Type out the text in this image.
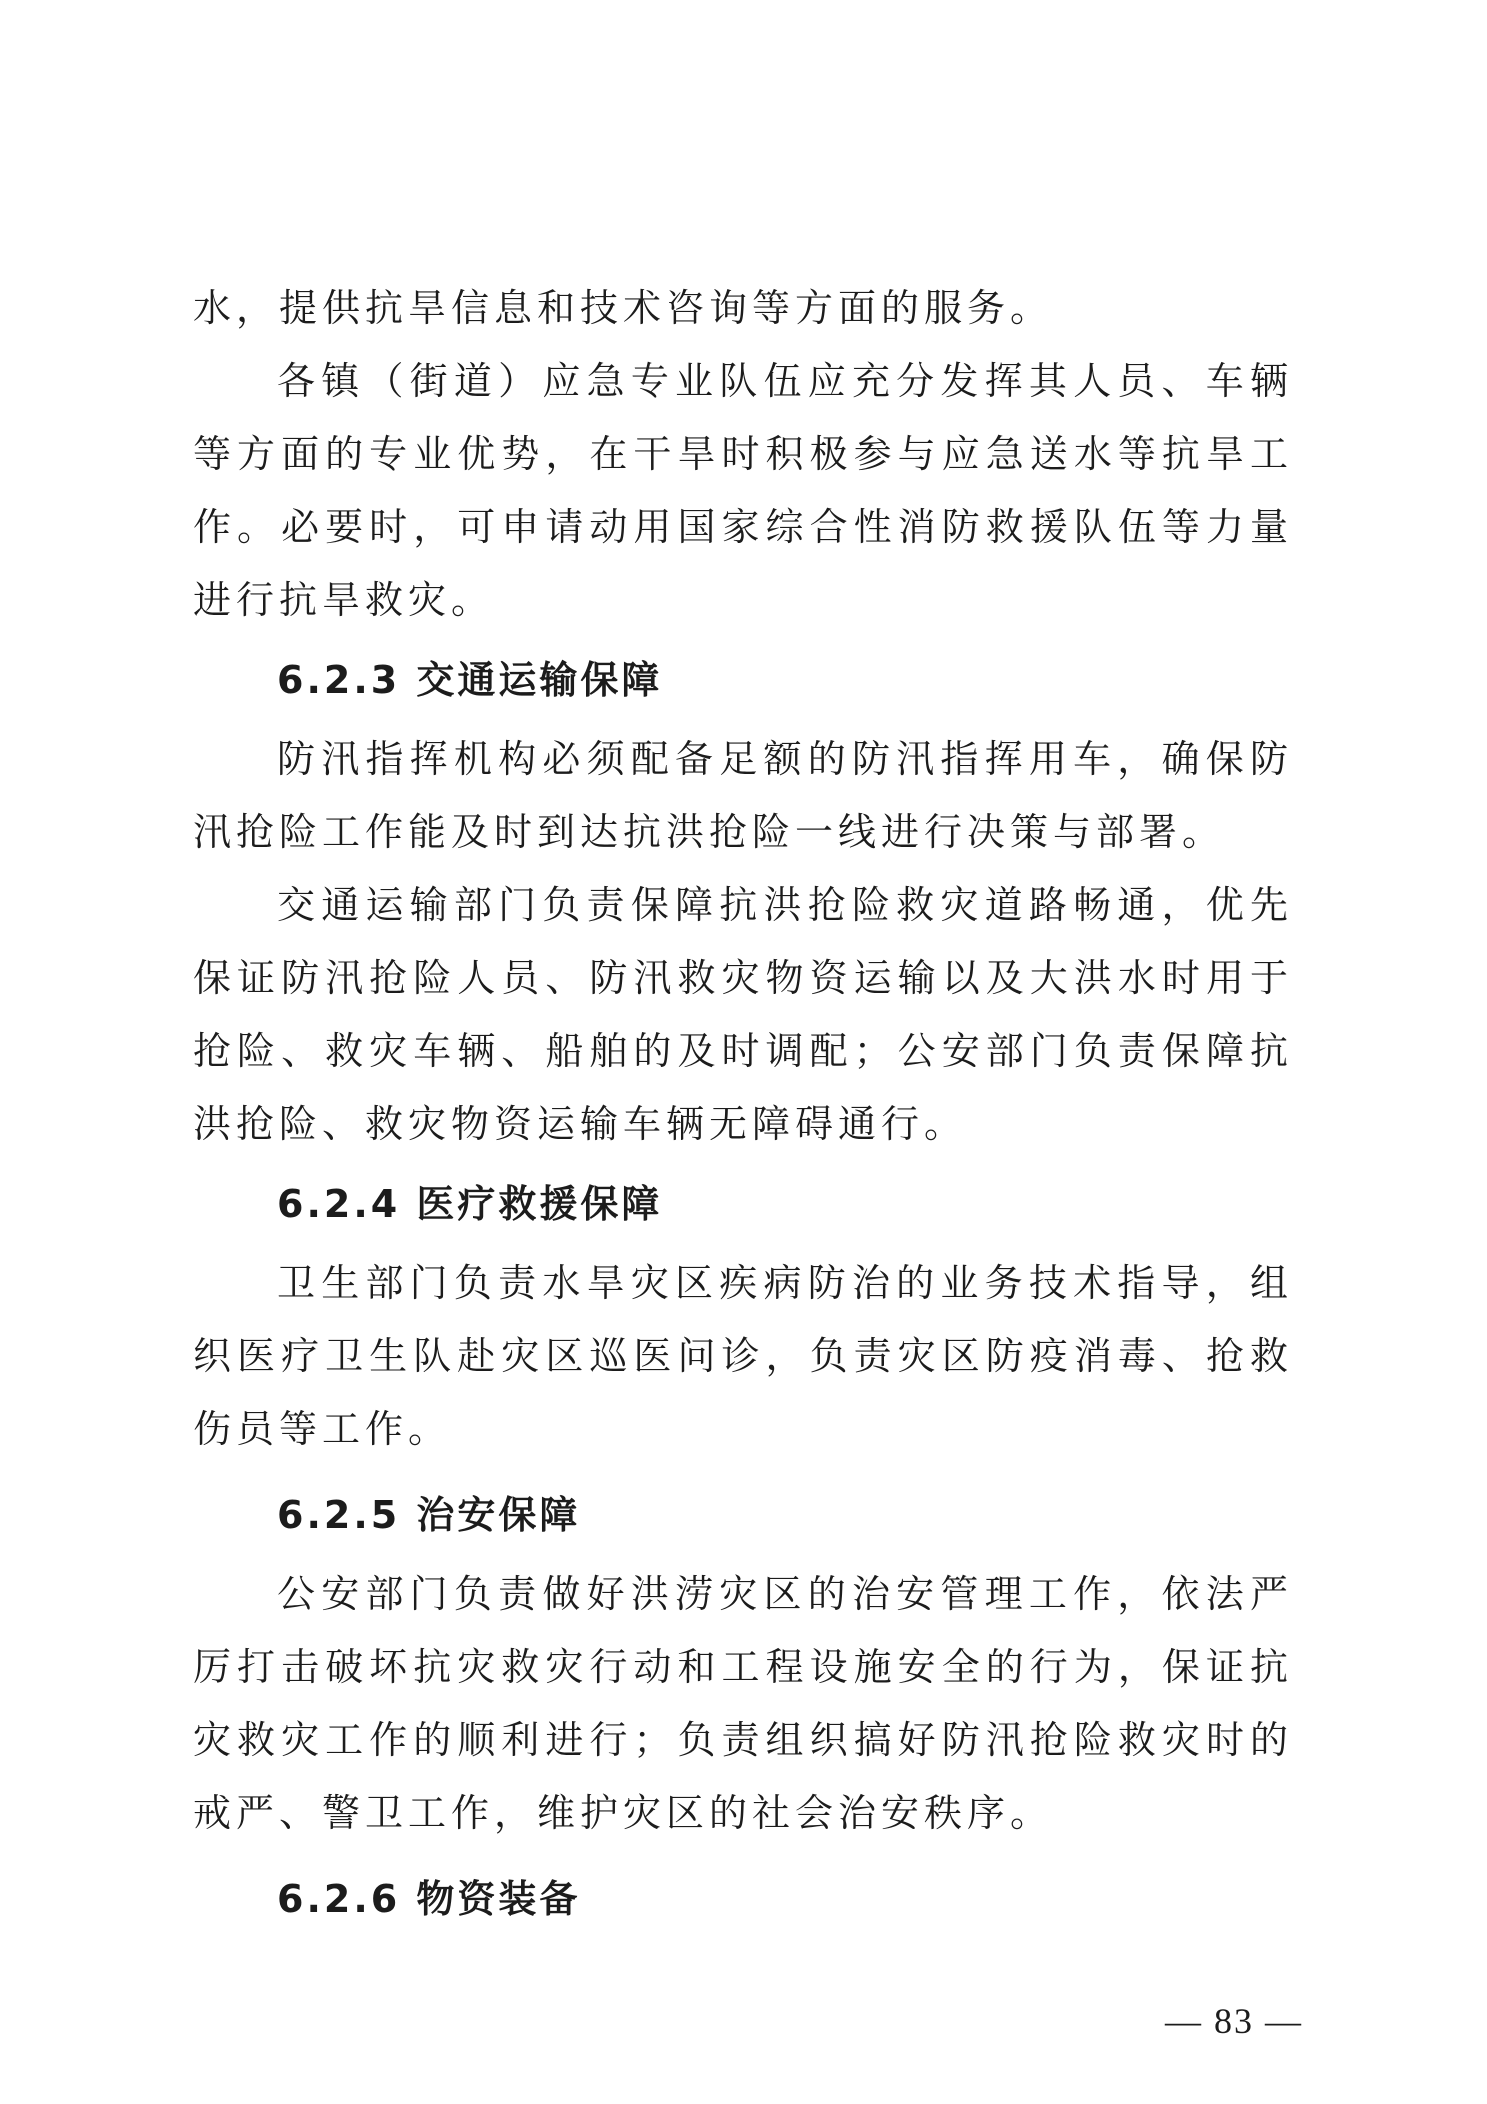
水，提供抗旱信息和技术咨询等方面的服务。

各镇（街道）应急专业队伍应充分发挥其人员、车辆等方面的专业优势，在干旱时积极参与应急送水等抗旱工作。必要时，可申请动用国家综合性消防救援队伍等力量进行抗旱救灾。

6.2.3 交通运输保障

防汛指挥机构必须配备足额的防汛指挥用车，确保防汛抢险工作能及时到达抗洪抢险一线进行决策与部署。

交通运输部门负责保障抗洪抢险救灾道路畅通，优先保证防汛抢险人员、防汛救灾物资运输以及大洪水时用于抢险、救灾车辆、船舶的及时调配；公安部门负责保障抗洪抢险、救灾物资运输车辆无障碍通行。

6.2.4 医疗救援保障

卫生部门负责水旱灾区疾病防治的业务技术指导，组织医疗卫生队赴灾区巡医问诊，负责灾区防疫消毒、抢救伤员等工作。

6.2.5 治安保障

公安部门负责做好洪涝灾区的治安管理工作，依法严厉打击破坏抗灾救灾行动和工程设施安全的行为，保证抗灾救灾工作的顺利进行；负责组织搞好防汛抢险救灾时的戒严、警卫工作，维护灾区的社会治安秩序。

6.2.6 物资装备
— 83 —
